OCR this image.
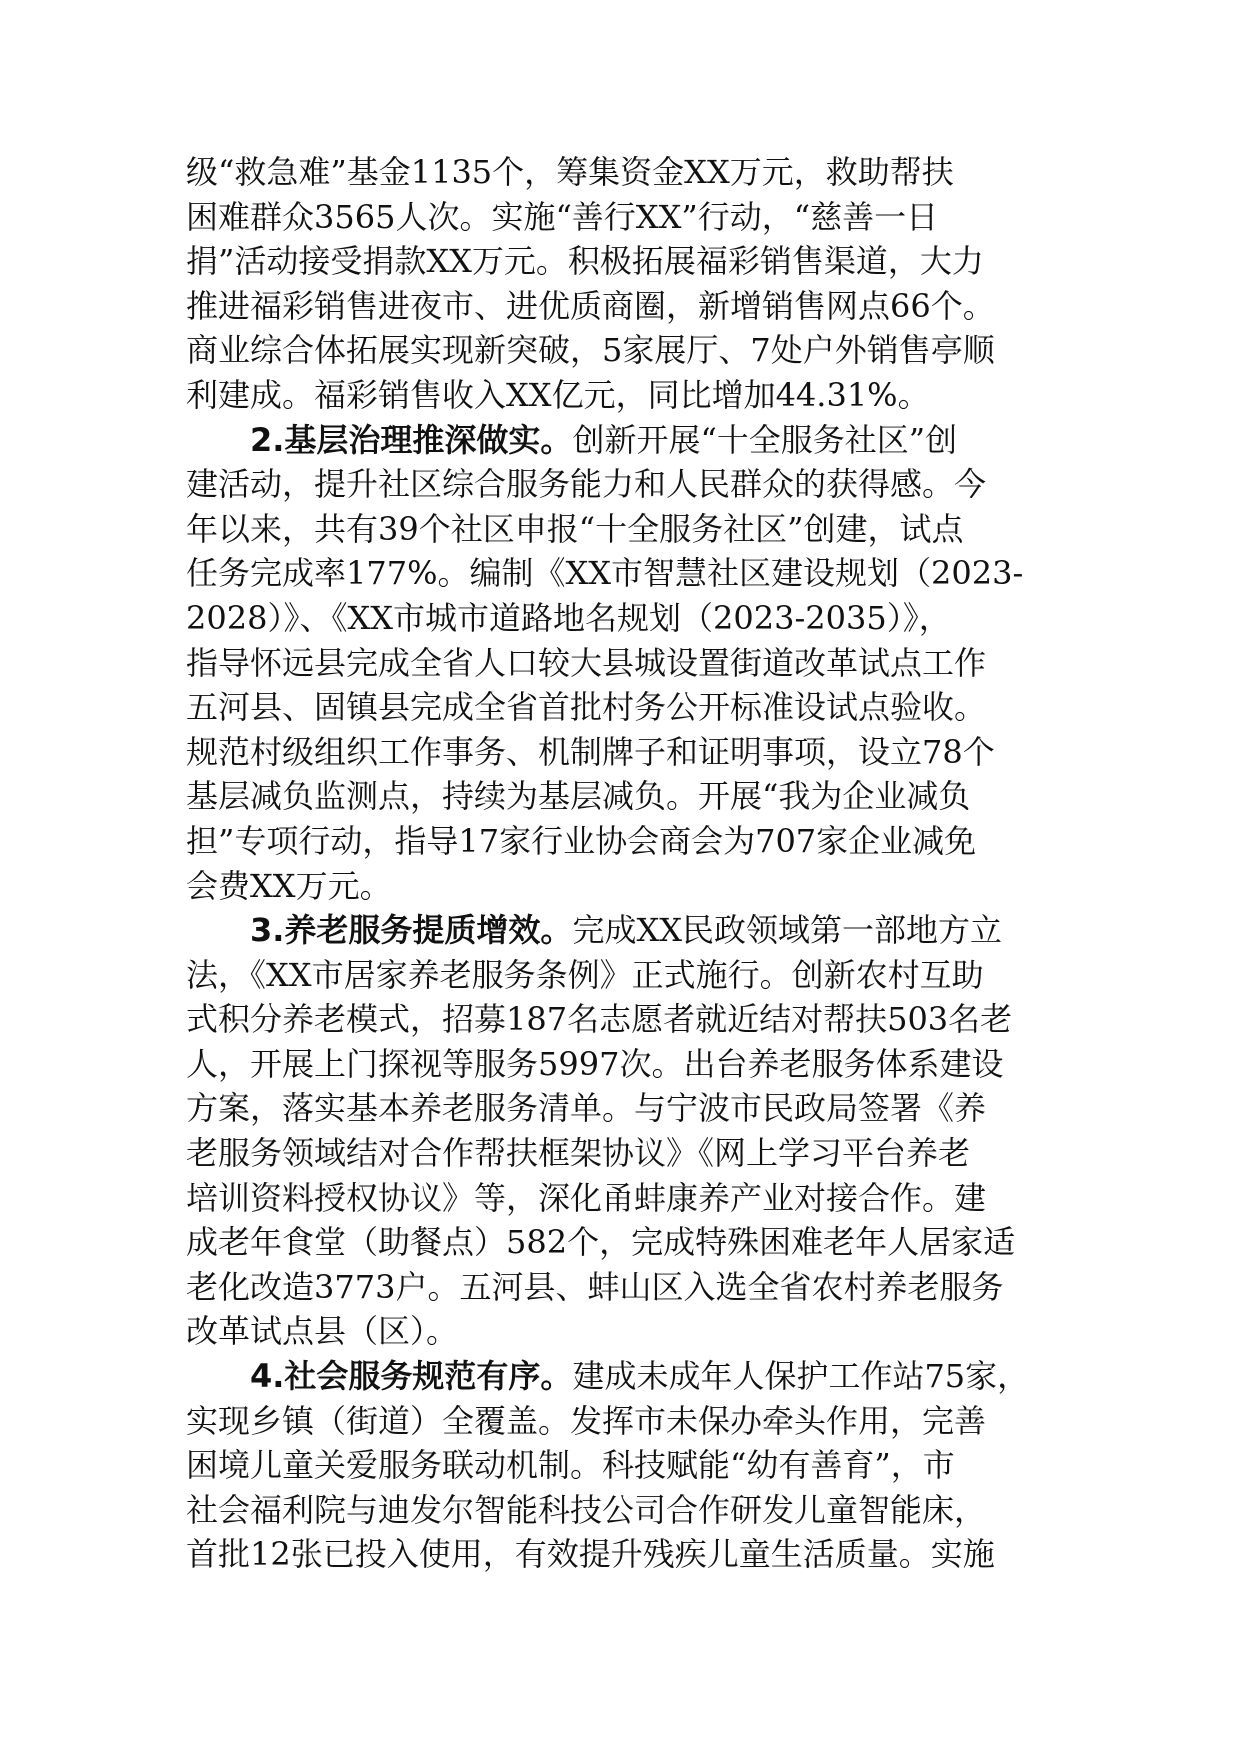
级“救急难”基金1135个，筹集资金XX万元，救助帮扶
困难群众3565人次。实施“善行XX”行动，“慈善一日
捐”活动接受捐款XX万元。积极拓展福彩销售渠道，大力
推进福彩销售进夜市、进优质商圈，新增销售网点66个。
商业综合体拓展实现新突破，5家展厅、7处户外销售亭顺
利建成。福彩销售收入XX亿元，同比增加44.31%。
2.基层治理推深做实。创新开展“十全服务社区”创
建活动，提升社区综合服务能力和人民群众的获得感。今
年以来，共有39个社区申报“十全服务社区”创建，试点
任务完成率177%。编制《XX市智慧社区建设规划（2023-
2028）》、《XX市城市道路地名规划（2023-2035）》，
指导怀远县完成全省人口较大县城设置街道改革试点工作
五河县、固镇县完成全省首批村务公开标准设试点验收。
规范村级组织工作事务、机制牌子和证明事项，设立78个
基层减负监测点，持续为基层减负。开展“我为企业减负
担”专项行动，指导17家行业协会商会为707家企业减免
会费XX万元。
3.养老服务提质增效。完成XX民政领域第一部地方立
法，《XX市居家养老服务条例》正式施行。创新农村互助
式积分养老模式，招募187名志愿者就近结对帮扶503名老
人，开展上门探视等服务5997次。出台养老服务体系建设
方案，落实基本养老服务清单。与宁波市民政局签署《养
老服务领域结对合作帮扶框架协议》《网上学习平台养老
培训资料授权协议》等，深化甬蚌康养产业对接合作。建
成老年食堂（助餐点）582个，完成特殊困难老年人居家适
老化改造3773户。五河县、蚌山区入选全省农村养老服务
改革试点县（区）。
4.社会服务规范有序。建成未成年人保护工作站75家，
实现乡镇（街道）全覆盖。发挥市未保办牵头作用，完善
困境儿童关爱服务联动机制。科技赋能“幼有善育”，市
社会福利院与迪发尔智能科技公司合作研发儿童智能床，
首批12张已投入使用，有效提升残疾儿童生活质量。实施
